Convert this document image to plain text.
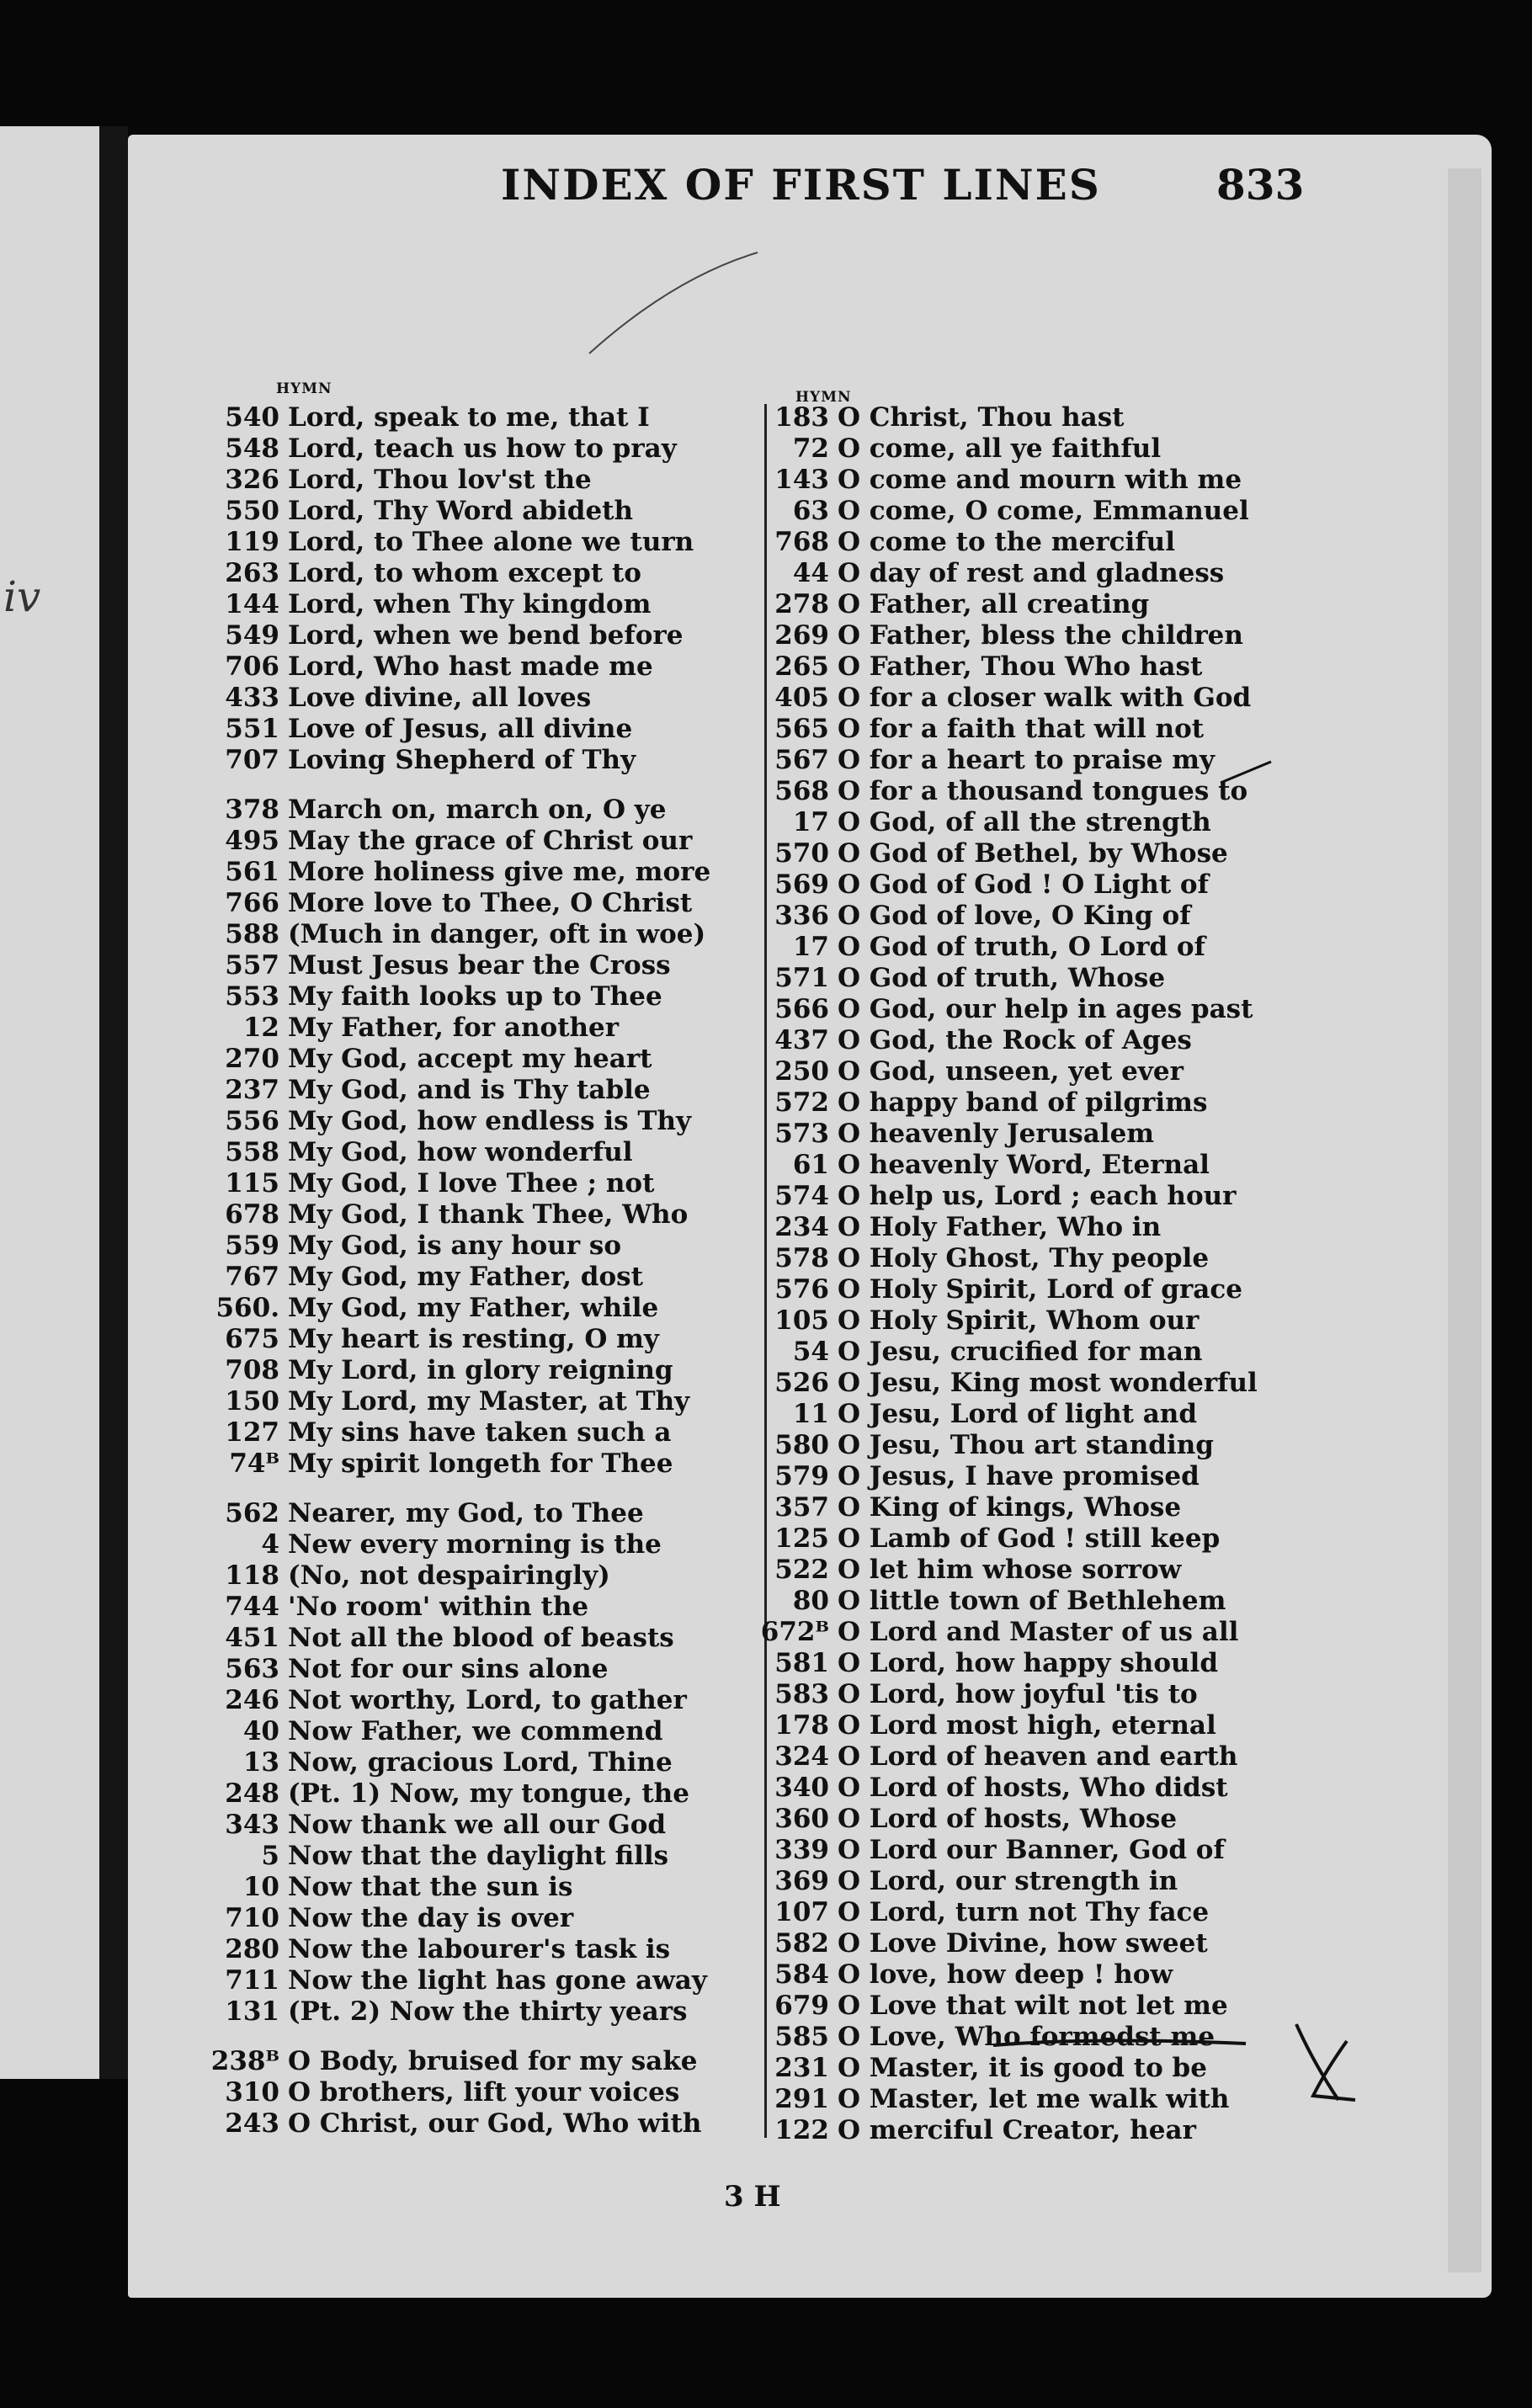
iv
INDEX OF FIRST LINES	833
HYMN	HYMN
540 Lord, speak to me, that I
548 Lord, teach us how to pray
326 Lord, Thou lov'st the
550 Lord, Thy Word abideth
119 Lord, to Thee alone we turn
263 Lord, to whom except to
144 Lord, when Thy kingdom
549 Lord, when we bend before
706 Lord, Who hast made me
433 Love divine, all loves
551 Love of Jesus, all divine
707 Loving Shepherd of Thy
378 March on, march on, O ye
495 May the grace of Christ our
561 More holiness give me, more
766 More love to Thee, O Christ
588 (Much in danger, oft in woe)
557 Must Jesus bear the Cross
553 My faith looks up to Thee
12 My Father, for another
270 My God, accept my heart
237 My God, and is Thy table
556 My God, how endless is Thy
558 My God, how wonderful
115 My God, I love Thee ; not
678 My God, I thank Thee, Who
559 My God, is any hour so
767 My God, my Father, dost
560. My God, my Father, while
675 My heart is resting, O my
708 My Lord, in glory reigning
150 My Lord, my Master, at Thy
127 My sins have taken such a
74ᴮ My spirit longeth for Thee
562 Nearer, my God, to Thee
4 New every morning is the
118 (No, not despairingly)
744 'No room' within the
451 Not all the blood of beasts
563 Not for our sins alone
246 Not worthy, Lord, to gather
40 Now Father, we commend
13 Now, gracious Lord, Thine
248 (Pt. 1) Now, my tongue, the
343 Now thank we all our God
5 Now that the daylight fills
10 Now that the sun is
710 Now the day is over
280 Now the labourer's task is
711 Now the light has gone away
131 (Pt. 2) Now the thirty years
238ᴮ O Body, bruised for my sake
310 O brothers, lift your voices
243 O Christ, our God, Who with
183 O Christ, Thou hast
72 O come, all ye faithful
143 O come and mourn with me
63 O come, O come, Emmanuel
768 O come to the merciful
44 O day of rest and gladness
278 O Father, all creating
269 O Father, bless the children
265 O Father, Thou Who hast
405 O for a closer walk with God
565 O for a faith that will not
567 O for a heart to praise my
568 O for a thousand tongues to
17 O God, of all the strength
570 O God of Bethel, by Whose
569 O God of God ! O Light of
336 O God of love, O King of
17 O God of truth, O Lord of
571 O God of truth, Whose
566 O God, our help in ages past
437 O God, the Rock of Ages
250 O God, unseen, yet ever
572 O happy band of pilgrims
573 O heavenly Jerusalem
61 O heavenly Word, Eternal
574 O help us, Lord ; each hour
234 O Holy Father, Who in
578 O Holy Ghost, Thy people
576 O Holy Spirit, Lord of grace
105 O Holy Spirit, Whom our
54 O Jesu, crucified for man
526 O Jesu, King most wonderful
11 O Jesu, Lord of light and
580 O Jesu, Thou art standing
579 O Jesus, I have promised
357 O King of kings, Whose
125 O Lamb of God ! still keep
522 O let him whose sorrow
80 O little town of Bethlehem
672ᴮ O Lord and Master of us all
581 O Lord, how happy should
583 O Lord, how joyful 'tis to
178 O Lord most high, eternal
324 O Lord of heaven and earth
340 O Lord of hosts, Who didst
360 O Lord of hosts, Whose
339 O Lord our Banner, God of
369 O Lord, our strength in
107 O Lord, turn not Thy face
582 O Love Divine, how sweet
584 O love, how deep ! how
679 O Love that wilt not let me
585 O Love, Who formedst me
231 O Master, it is good to be
291 O Master, let me walk with
122 O merciful Creator, hear
3 H
